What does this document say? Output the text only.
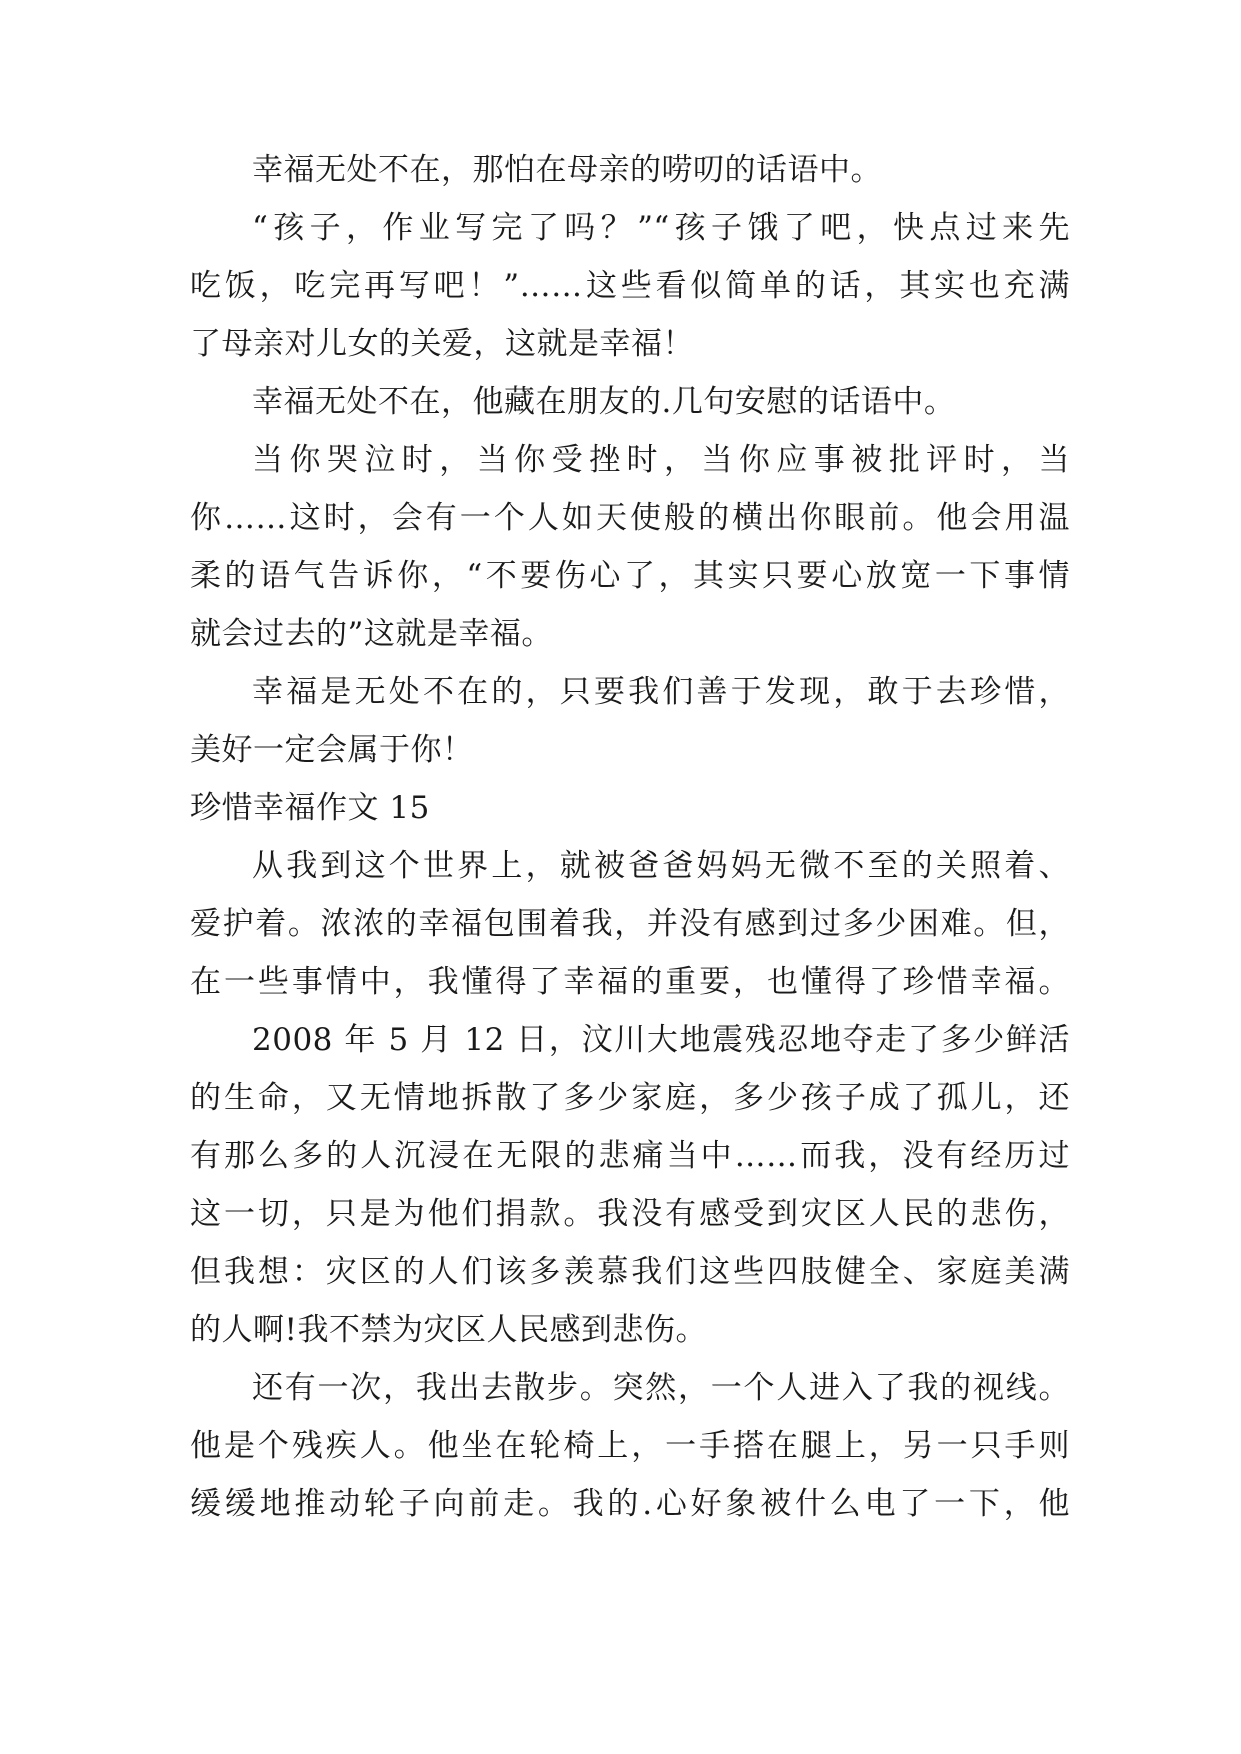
幸福无处不在，那怕在母亲的唠叨的话语中。
“孩子，作业写完了吗？”“孩子饿了吧，快点过来先
吃饭，吃完再写吧！”……这些看似简单的话，其实也充满
了母亲对儿女的关爱，这就是幸福！
幸福无处不在，他藏在朋友的.几句安慰的话语中。
当你哭泣时，当你受挫时，当你应事被批评时，当
你……这时，会有一个人如天使般的横出你眼前。他会用温
柔的语气告诉你，“不要伤心了，其实只要心放宽一下事情
就会过去的”这就是幸福。
幸福是无处不在的，只要我们善于发现，敢于去珍惜，
美好一定会属于你！
珍惜幸福作文 15
从我到这个世界上，就被爸爸妈妈无微不至的关照着、
爱护着。浓浓的幸福包围着我，并没有感到过多少困难。但，
在一些事情中，我懂得了幸福的重要，也懂得了珍惜幸福。
2008 年 5 月 12 日，汶川大地震残忍地夺走了多少鲜活
的生命，又无情地拆散了多少家庭，多少孩子成了孤儿，还
有那么多的人沉浸在无限的悲痛当中……而我，没有经历过
这一切，只是为他们捐款。我没有感受到灾区人民的悲伤，
但我想：灾区的人们该多羡慕我们这些四肢健全、家庭美满
的人啊!我不禁为灾区人民感到悲伤。
还有一次，我出去散步。突然，一个人进入了我的视线。
他是个残疾人。他坐在轮椅上，一手搭在腿上，另一只手则
缓缓地推动轮子向前走。我的.心好象被什么电了一下，他
